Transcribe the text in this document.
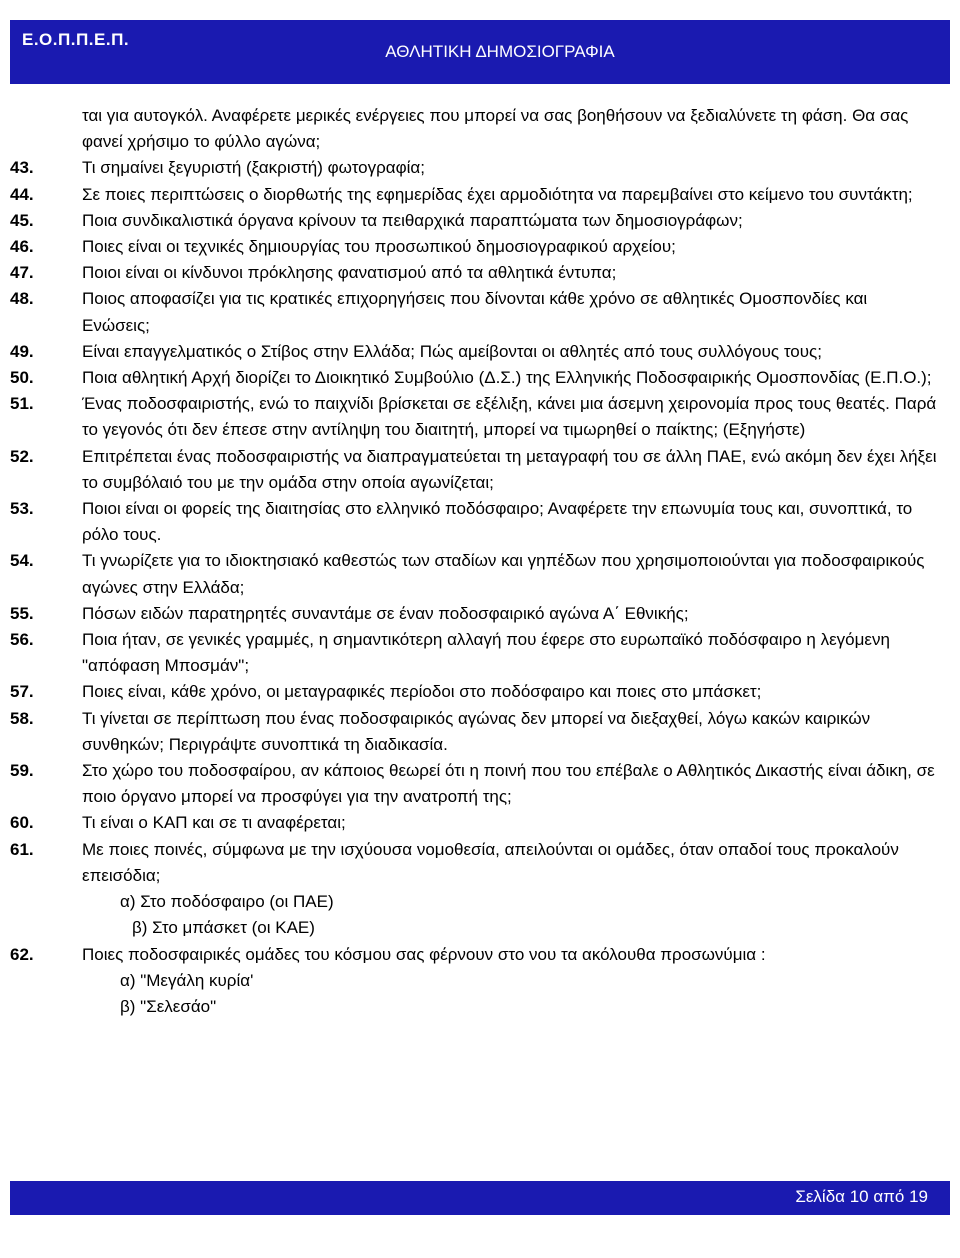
Ε.Ο.Π.Π.Ε.Π.
ΑΘΛΗΤΙΚΗ ΔΗΜΟΣΙΟΓΡΑΦΙΑ
ται για αυτογκόλ. Αναφέρετε μερικές ενέργειες που μπορεί να σας βοηθήσουν να ξεδιαλύνετε τη φάση. Θα σας φανεί χρήσιμο το φύλλο αγώνα;
43.	Τι σημαίνει ξεγυριστή (ξακριστή) φωτογραφία;
44.	Σε ποιες περιπτώσεις ο διορθωτής της εφημερίδας έχει αρμοδιότητα να παρεμβαίνει στο κείμενο του συντάκτη;
45.	Ποια συνδικαλιστικά όργανα κρίνουν τα πειθαρχικά παραπτώματα των δημοσιογράφων;
46.	Ποιες είναι οι τεχνικές δημιουργίας του προσωπικού δημοσιογραφικού αρχείου;
47.	Ποιοι είναι οι κίνδυνοι πρόκλησης φανατισμού από τα αθλητικά έντυπα;
48.	Ποιος αποφασίζει για τις κρατικές επιχορηγήσεις που δίνονται κάθε χρόνο σε αθλητικές Ομοσπονδίες και Ενώσεις;
49.	Είναι επαγγελματικός ο Στίβος στην Ελλάδα; Πώς αμείβονται οι αθλητές από τους συλλόγους τους;
50.	Ποια αθλητική Αρχή διορίζει το Διοικητικό Συμβούλιο (Δ.Σ.) της Ελληνικής Ποδοσφαιρικής Ομοσπονδίας (Ε.Π.Ο.);
51.	Ένας ποδοσφαιριστής, ενώ το παιχνίδι βρίσκεται σε εξέλιξη, κάνει μια άσεμνη χειρονομία προς τους θεατές. Παρά το γεγονός ότι δεν έπεσε στην αντίληψη του διαιτητή, μπορεί να τιμωρηθεί ο παίκτης; (Εξηγήστε)
52.	Επιτρέπεται ένας ποδοσφαιριστής να διαπραγματεύεται τη μεταγραφή του σε άλλη ΠΑΕ, ενώ ακόμη δεν έχει λήξει το συμβόλαιό του με την ομάδα στην οποία αγωνίζεται;
53.	Ποιοι είναι οι φορείς της διαιτησίας στο ελληνικό ποδόσφαιρο; Αναφέρετε την επωνυμία τους και, συνοπτικά, το ρόλο τους.
54.	Τι γνωρίζετε για το ιδιοκτησιακό καθεστώς των σταδίων και γηπέδων που χρησιμοποιούνται για ποδοσφαιρικούς αγώνες στην Ελλάδα;
55.	Πόσων ειδών παρατηρητές συναντάμε σε έναν ποδοσφαιρικό αγώνα Α΄ Εθνικής;
56.	Ποια ήταν, σε γενικές γραμμές, η σημαντικότερη αλλαγή που έφερε στο ευρωπαϊκό ποδόσφαιρο η λεγόμενη "απόφαση Μποσμάν";
57.	Ποιες είναι, κάθε χρόνο, οι μεταγραφικές περίοδοι στο ποδόσφαιρο και ποιες στο μπάσκετ;
58.	Τι γίνεται σε περίπτωση που ένας ποδοσφαιρικός αγώνας δεν μπορεί να διεξαχθεί, λόγω κακών καιρικών συνθηκών; Περιγράψτε συνοπτικά τη διαδικασία.
59.	Στο χώρο του ποδοσφαίρου, αν κάποιος θεωρεί ότι η ποινή που του επέβαλε ο Αθλητικός Δικαστής είναι άδικη, σε ποιο όργανο μπορεί να προσφύγει για την ανατροπή της;
60.	Τι είναι ο ΚΑΠ και σε τι αναφέρεται;
61.	Με ποιες ποινές, σύμφωνα με την ισχύουσα νομοθεσία, απειλούνται οι ομάδες, όταν οπαδοί τους προκαλούν επεισόδια;
α) Στο ποδόσφαιρο (οι ΠΑΕ)
β) Στο μπάσκετ (οι ΚΑΕ)
62.	Ποιες ποδοσφαιρικές ομάδες του κόσμου σας φέρνουν στο νου τα ακόλουθα προσωνύμια :
α) "Μεγάλη κυρία'
β) "Σελεσάο"
Σελίδα 10 από 19
